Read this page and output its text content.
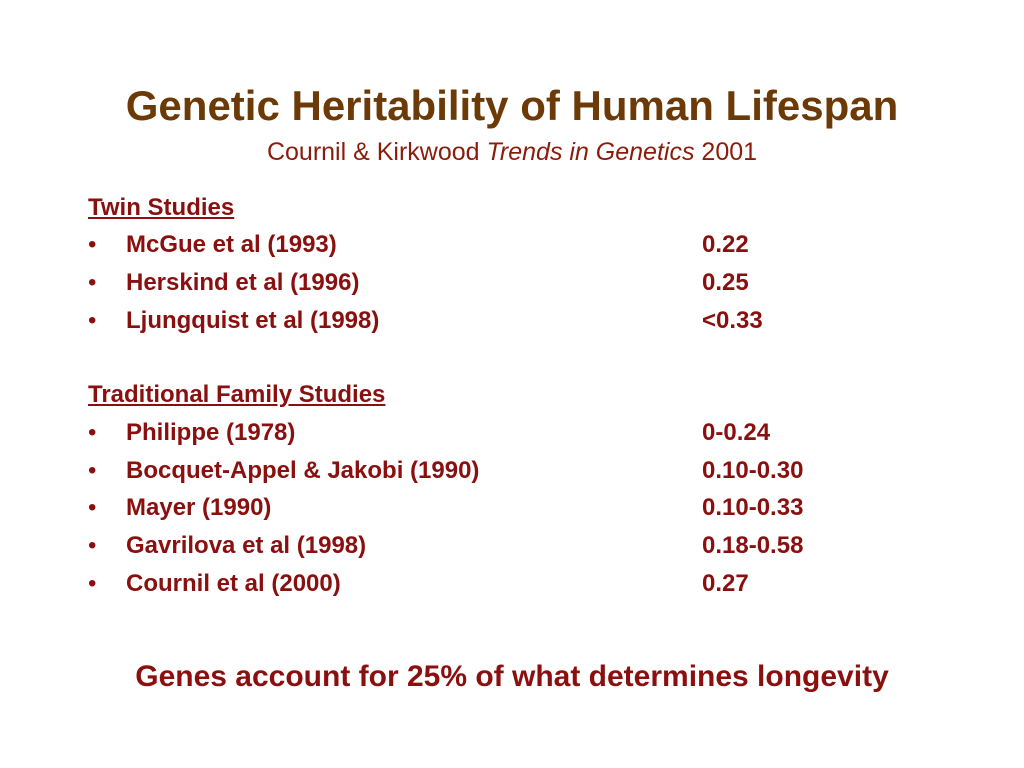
Genetic Heritability of Human Lifespan
Cournil & Kirkwood Trends in Genetics 2001
Twin Studies
• McGue et al (1993)	0.22
• Herskind et al (1996)	0.25
• Ljungquist et al (1998)	<0.33
Traditional Family Studies
• Philippe (1978)	0-0.24
• Bocquet-Appel & Jakobi (1990)	0.10-0.30
• Mayer (1990)	0.10-0.33
• Gavrilova et al (1998)	0.18-0.58
• Cournil et al (2000)	0.27
Genes account for 25% of what determines longevity
